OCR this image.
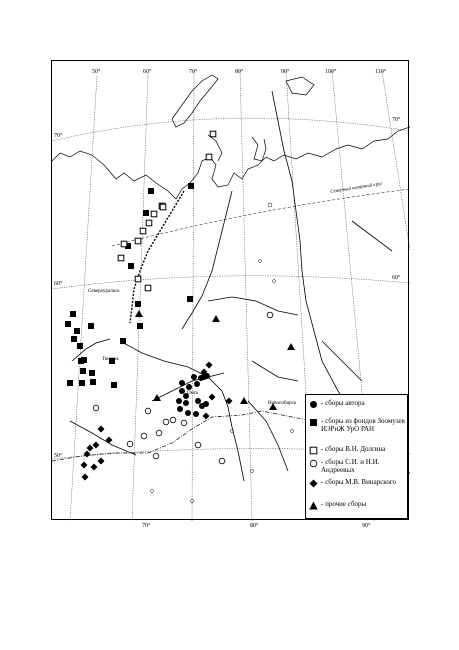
50°	60°	70°	80°	90°	100°	110°
70°	80°	90°
70°
70°
60°
60°
50°
Северный полярный круг
Североуральск
Тюмень
Омск
Новосибирск	- сборы автора
- сборы из фондов Зоомузея ИЭРиЖ УрО РАН
- сборы В.Н. Долгина
- сборы С.И. и Н.И. Андреевых
- сборы М.В. Винарского
- прочие сборы
